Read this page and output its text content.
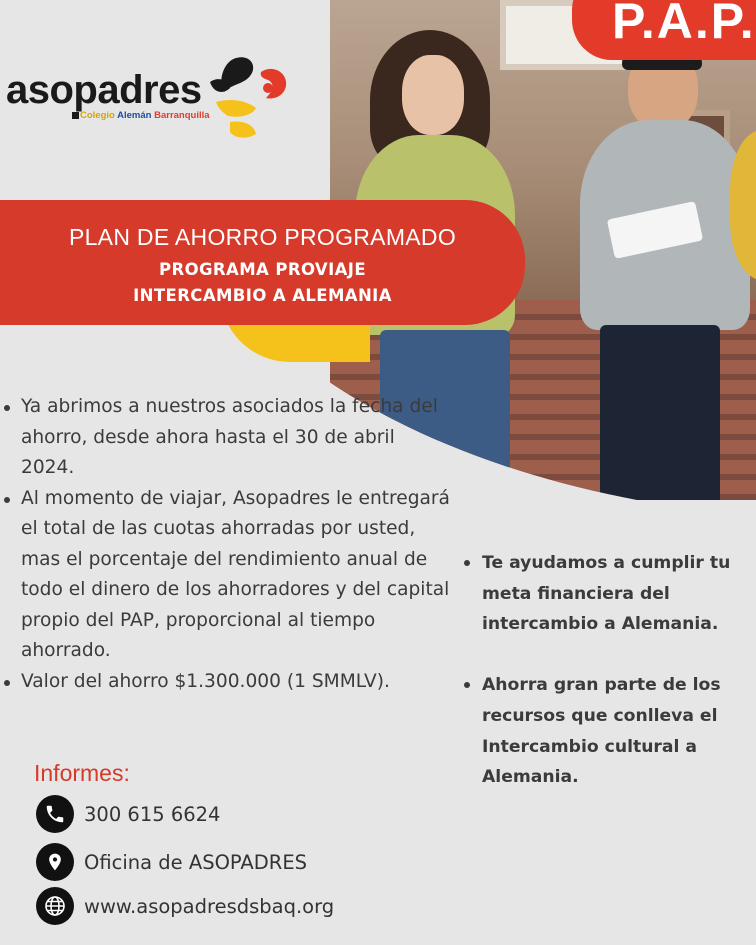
P.A.P.
asopadres
Colegio Alemán Barranquilla
PLAN DE AHORRO PROGRAMADO
PROGRAMA PROVIAJE
INTERCAMBIO A ALEMANIA
Ya abrimos a nuestros asociados la fecha del ahorro, desde ahora hasta el 30 de abril 2024.
Al momento de viajar, Asopadres le entregará el total de las cuotas ahorradas por usted, mas el porcentaje del rendimiento anual de todo el dinero de los ahorradores y del capital propio del PAP, proporcional al tiempo ahorrado.
Valor del ahorro $1.300.000 (1 SMMLV).
Te ayudamos a cumplir tu meta financiera del intercambio a Alemania.
Ahorra gran parte de los recursos que conlleva el Intercambio cultural a Alemania.
Informes:
300 615 6624
Oficina de ASOPADRES
www.asopadresdsbaq.org
